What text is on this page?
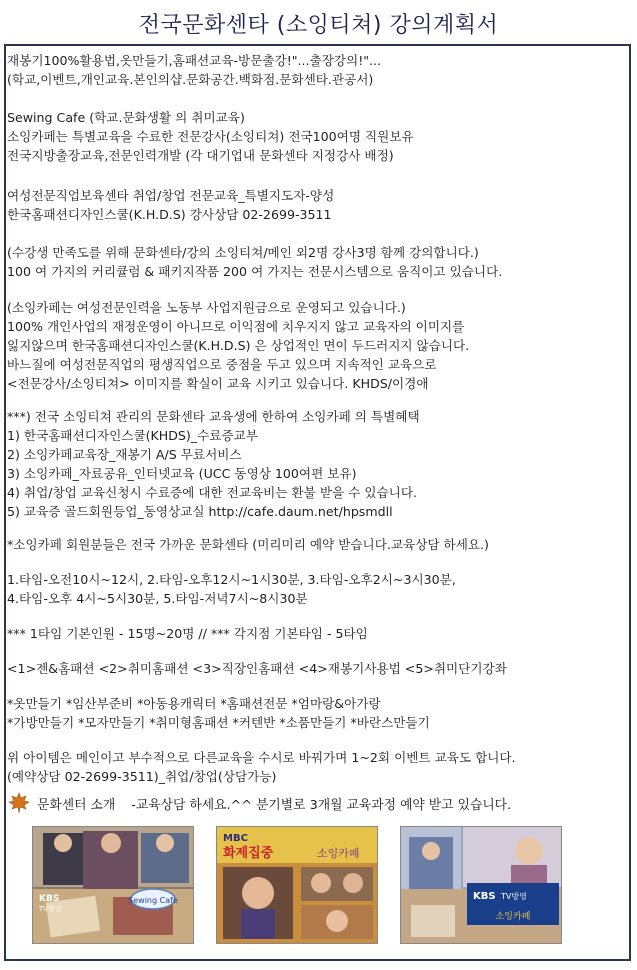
전국문화센타 (소잉티쳐) 강의계획서
재봉기100%활용법,옷만들기,홈패션교육-방문출강!"...출장강의!"...
(학교,이벤트,개인교육.본인의샵.문화공간.백화점.문화센타.관공서)
Sewing Cafe (학교.문화생활 의 취미교육)
소잉카페는 특별교육을 수료한 전문강사(소잉티쳐) 전국100여명 직원보유
전국지방출장교육,전문인력개발 (각 대기업내 문화센타 지정강사 배정)
여성전문직업보육센타 취업/창업 전문교육_특별지도자-양성
한국홈패션디자인스쿨(K.H.D.S) 강사상담 02-2699-3511
(수강생 만족도를 위해 문화센타/강의 소잉티쳐/메인 외2명 강사3명 함께 강의합니다.)
100 여 가지의 커리큘럼 & 패키지작품 200 여 가지는 전문시스템으로 움직이고 있습니다.
(소잉카페는 여성전문인력을 노동부 사업지원금으로 운영되고 있습니다.)
100% 개인사업의 재정운영이 아니므로 이익점에 치우지지 않고 교육자의 이미지를
잃지않으며 한국홈패션디자인스쿨(K.H.D.S) 은 상업적인 면이 두드러지지 않습니다.
바느질에 여성전문직업의 평생직업으로 중점을 두고 있으며 지속적인 교육으로
<전문강사/소잉티쳐> 이미지를 확실이 교육 시키고 있습니다. KHDS/이경애
***) 전국 소잉티쳐 관리의 문화센타 교육생에 한하여 소잉카페 의 특별혜택
1) 한국홈패션디자인스쿨(KHDS)_수료증교부
2) 소잉카페교육장_재봉기 A/S 무료서비스
3) 소잉카페_자료공유_인터넷교육 (UCC 동영상 100여편 보유)
4) 취업/창업 교육신청시 수료증에 대한 전교육비는 환불 받을 수 있습니다.
5) 교육증 골드회원등업_동영상교실 http://cafe.daum.net/hpsmdll
*소잉카페 회원분들은 전국 가까운 문화센타 (미리미리 예약 받습니다.교육상담 하세요.)
1.타임-오전10시~12시, 2.타임-오후12시~1시30분, 3.타임-오후2시~3시30분,
4.타임-오후 4시~5시30분, 5.타임-저녁7시~8시30분
*** 1타임 기본인원 - 15명~20명 // *** 각지점 기본타임 - 5타임
<1>젠&홈패션 <2>취미홈패션 <3>직장인홈패션 <4>재봉기사용법 <5>취미단기강좌
*옷만들기 *임산부준비 *아동용캐릭터 *홈패션전문 *엄마랑&아가랑
*가방만들기 *모자만들기 *취미형홈패션 *커텐반 *소품만들기 *바란스만들기
위 아이템은 메인이고 부수적으로 다른교육을 수시로 바꿔가며 1~2회 이벤트 교육도 합니다.
(예약상담 02-2699-3511)_취업/창업(상담가능)
문화센터 소개 -교육상담 하세요.^^ 분기별로 3개월 교육과정 예약 받고 있습니다.
Sewing Cafe
KBS
TV방영
MBC
화제집중	소잉카페
KBS TV방영
소잉카페
